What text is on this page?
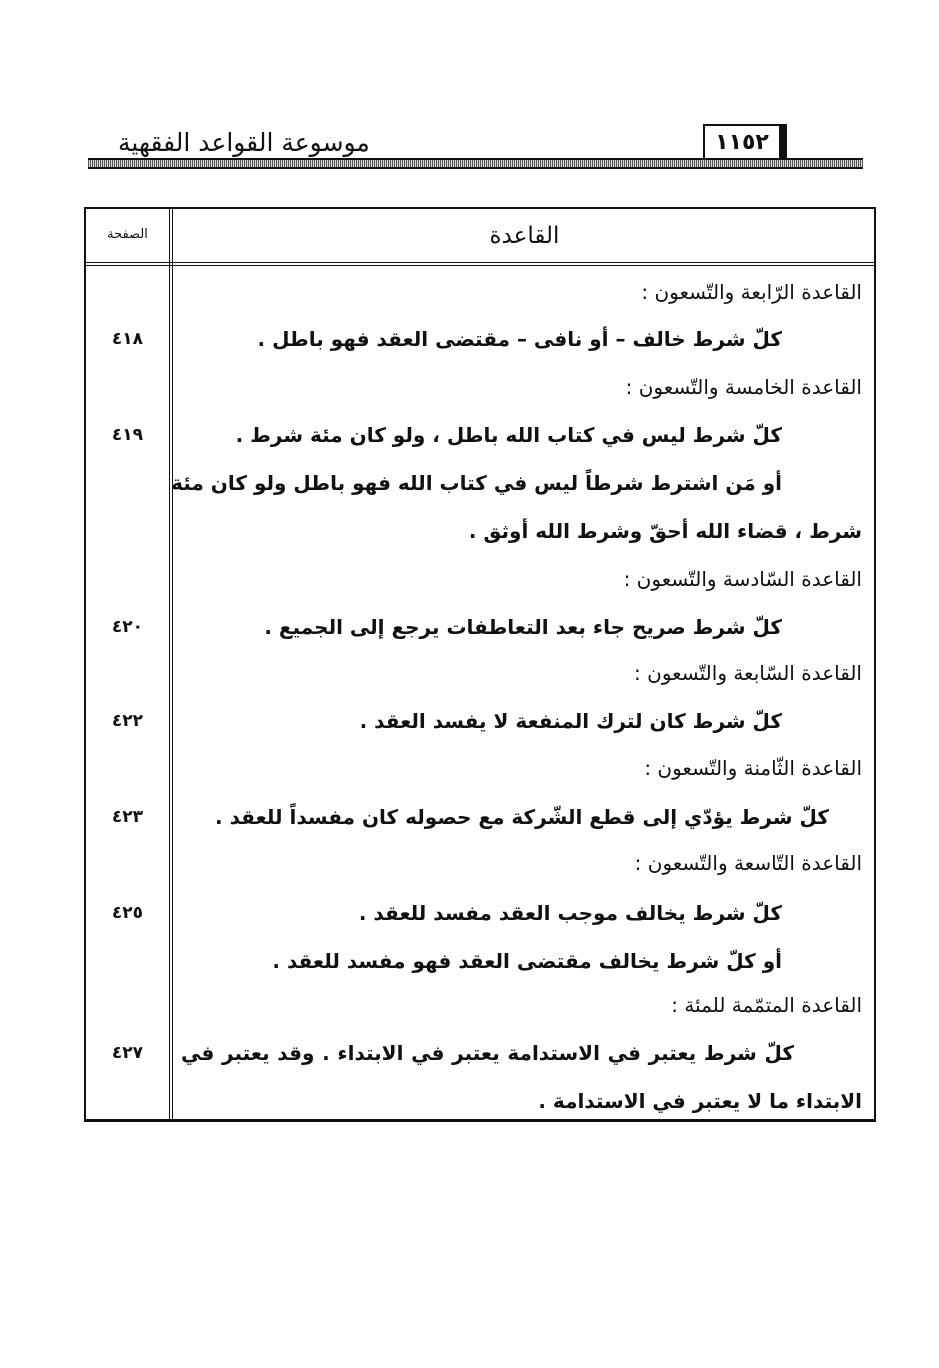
موسوعة القواعد الفقهية	١١٥٢
الصفحة	القاعدة
القاعدة الرّابعة والتّسعون :
كلّ شرط خالف – أو نافى – مقتضى العقد فهو باطل .
٤١٨
القاعدة الخامسة والتّسعون :
كلّ شرط ليس في كتاب الله باطل ، ولو كان مئة شرط .
٤١٩
أو مَن اشترط شرطاً ليس في كتاب الله فهو باطل ولو كان مئة
شرط ، قضاء الله أحقّ وشرط الله أوثق .
القاعدة السّادسة والتّسعون :
كلّ شرط صريح جاء بعد التعاطفات يرجع إلى الجميع .
٤٢٠
القاعدة السّابعة والتّسعون :
كلّ شرط كان لترك المنفعة لا يفسد العقد .
٤٢٢
القاعدة الثّامنة والتّسعون :
كلّ شرط يؤدّي إلى قطع الشّركة مع حصوله كان مفسداً للعقد .
٤٢٣
القاعدة التّاسعة والتّسعون :
كلّ شرط يخالف موجب العقد مفسد للعقد .
٤٢٥
أو كلّ شرط يخالف مقتضى العقد فهو مفسد للعقد .
القاعدة المتمّمة للمئة :
كلّ شرط يعتبر في الاستدامة يعتبر في الابتداء . وقد يعتبر في
٤٢٧
الابتداء ما لا يعتبر في الاستدامة .
